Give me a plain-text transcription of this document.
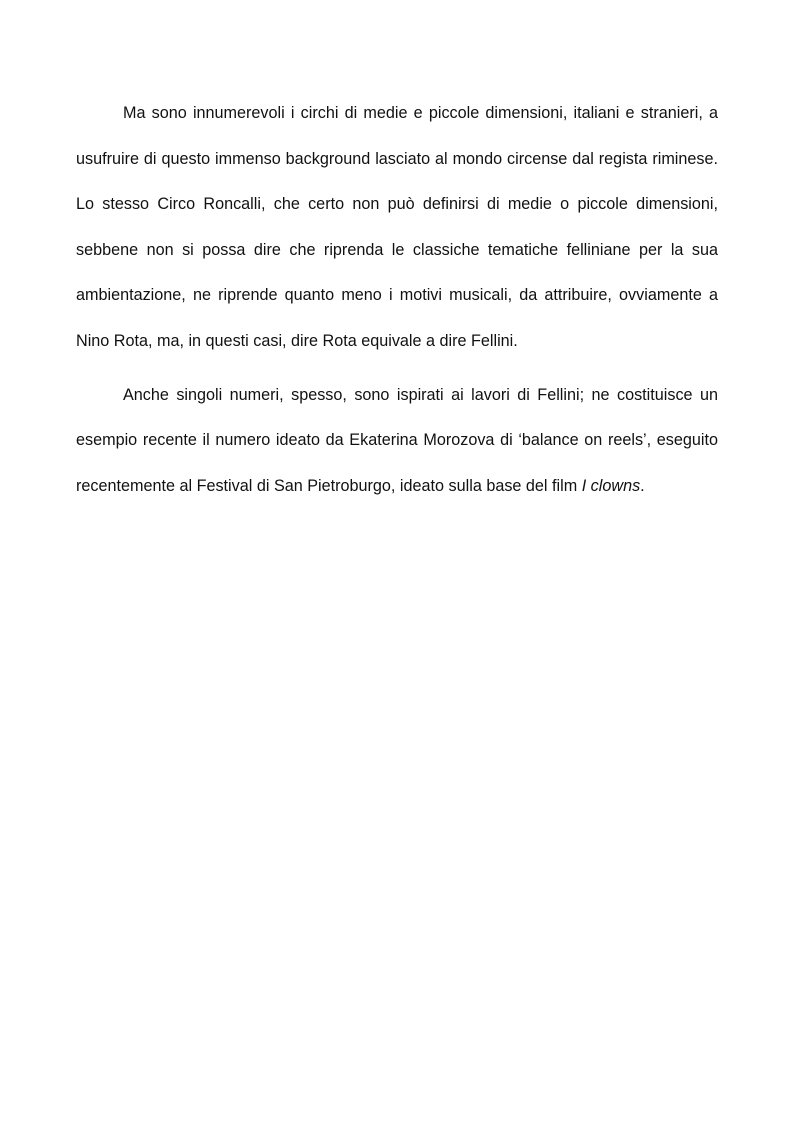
Ma sono innumerevoli i circhi di medie e piccole dimensioni, italiani e stranieri, a usufruire di questo immenso background lasciato al mondo circense dal regista riminese. Lo stesso Circo Roncalli, che certo non può definirsi di medie o piccole dimensioni, sebbene non si possa dire che riprenda le classiche tematiche felliniane per la sua ambientazione, ne riprende quanto meno i motivi musicali, da attribuire, ovviamente a Nino Rota, ma, in questi casi, dire Rota equivale a dire Fellini.

Anche singoli numeri, spesso, sono ispirati ai lavori di Fellini; ne costituisce un esempio recente il numero ideato da Ekaterina Morozova di ‘balance on reels’, eseguito recentemente al Festival di San Pietroburgo, ideato sulla base del film I clowns.
